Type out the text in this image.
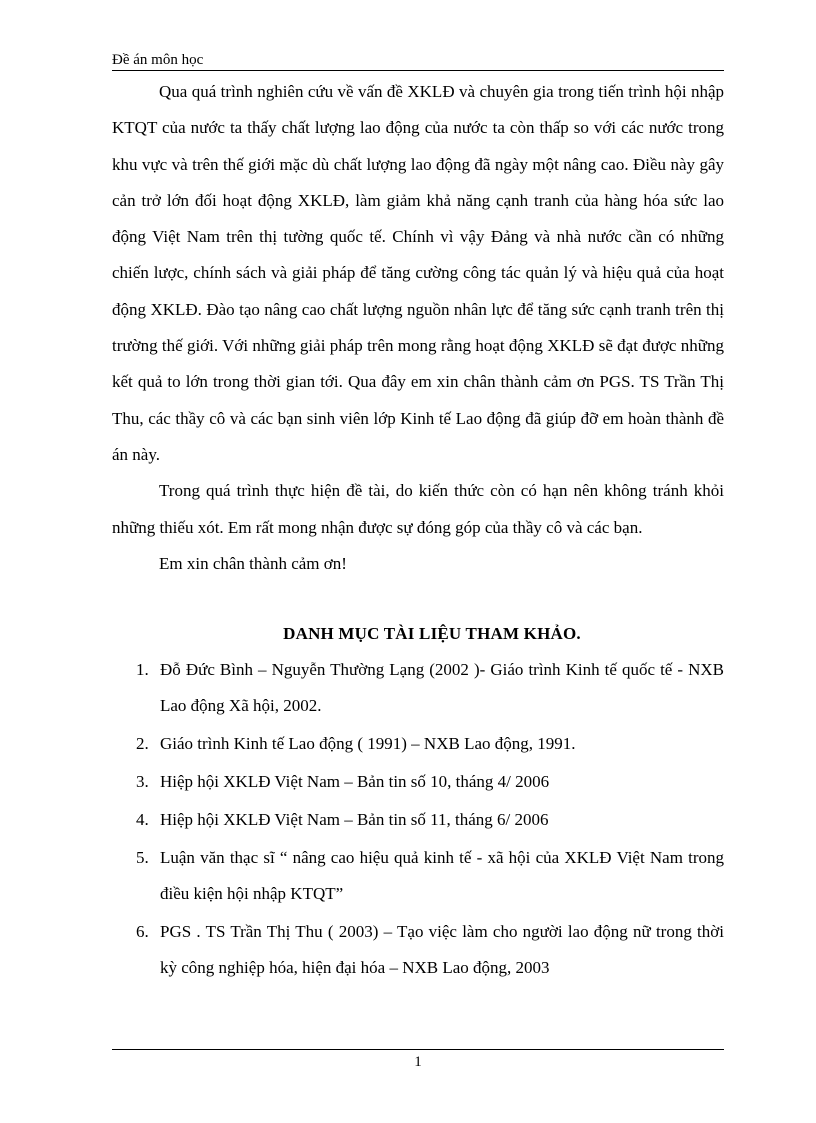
Đề án môn học

Qua quá trình nghiên cứu về vấn đề XKLĐ và chuyên gia trong tiến trình hội nhập KTQT của nước ta thấy chất lượng lao động của nước ta còn thấp so với các nước trong khu vực và trên thế giới mặc dù chất lượng lao động đã ngày một nâng cao. Điều này gây cản trở lớn đối hoạt động XKLĐ, làm giảm khả năng cạnh tranh của hàng hóa sức lao động Việt Nam trên thị tường quốc tế. Chính vì vậy Đảng và nhà nước cần có những chiến lược, chính sách và giải pháp để tăng cường công tác quản lý và hiệu quả của hoạt động XKLĐ. Đào tạo nâng cao chất lượng nguồn nhân lực để tăng sức cạnh tranh trên thị trường thế giới. Với những giải pháp trên mong rằng hoạt động XKLĐ sẽ đạt được những kết quả to lớn trong thời gian tới. Qua đây em xin chân thành cảm ơn PGS. TS Trần Thị Thu, các thầy cô và các bạn sinh viên lớp Kinh tế Lao động đã giúp đỡ em hoàn thành đề án này.

Trong quá trình thực hiện đề tài, do kiến thức còn có hạn nên không tránh khỏi những thiếu xót. Em rất mong nhận được sự đóng góp của thầy cô và các bạn.

Em xin chân thành cảm ơn!

DANH MỤC TÀI LIỆU THAM KHẢO.
1. Đỗ Đức Bình – Nguyễn Thường Lạng (2002 )- Giáo trình Kinh tế quốc tế - NXB Lao động Xã hội, 2002.
2. Giáo trình Kinh tế Lao động ( 1991) – NXB Lao động, 1991.
3. Hiệp hội XKLĐ Việt Nam – Bản tin số 10, tháng 4/ 2006
4. Hiệp hội XKLĐ Việt Nam – Bản tin số 11, tháng 6/ 2006
5. Luận văn thạc sĩ “ nâng cao hiệu quả kinh tế - xã hội của XKLĐ Việt Nam trong điều kiện hội nhập KTQT”
6. PGS . TS Trần Thị Thu ( 2003) – Tạo việc làm cho người lao động nữ trong thời kỳ công nghiệp hóa, hiện đại hóa – NXB Lao động, 2003
1
